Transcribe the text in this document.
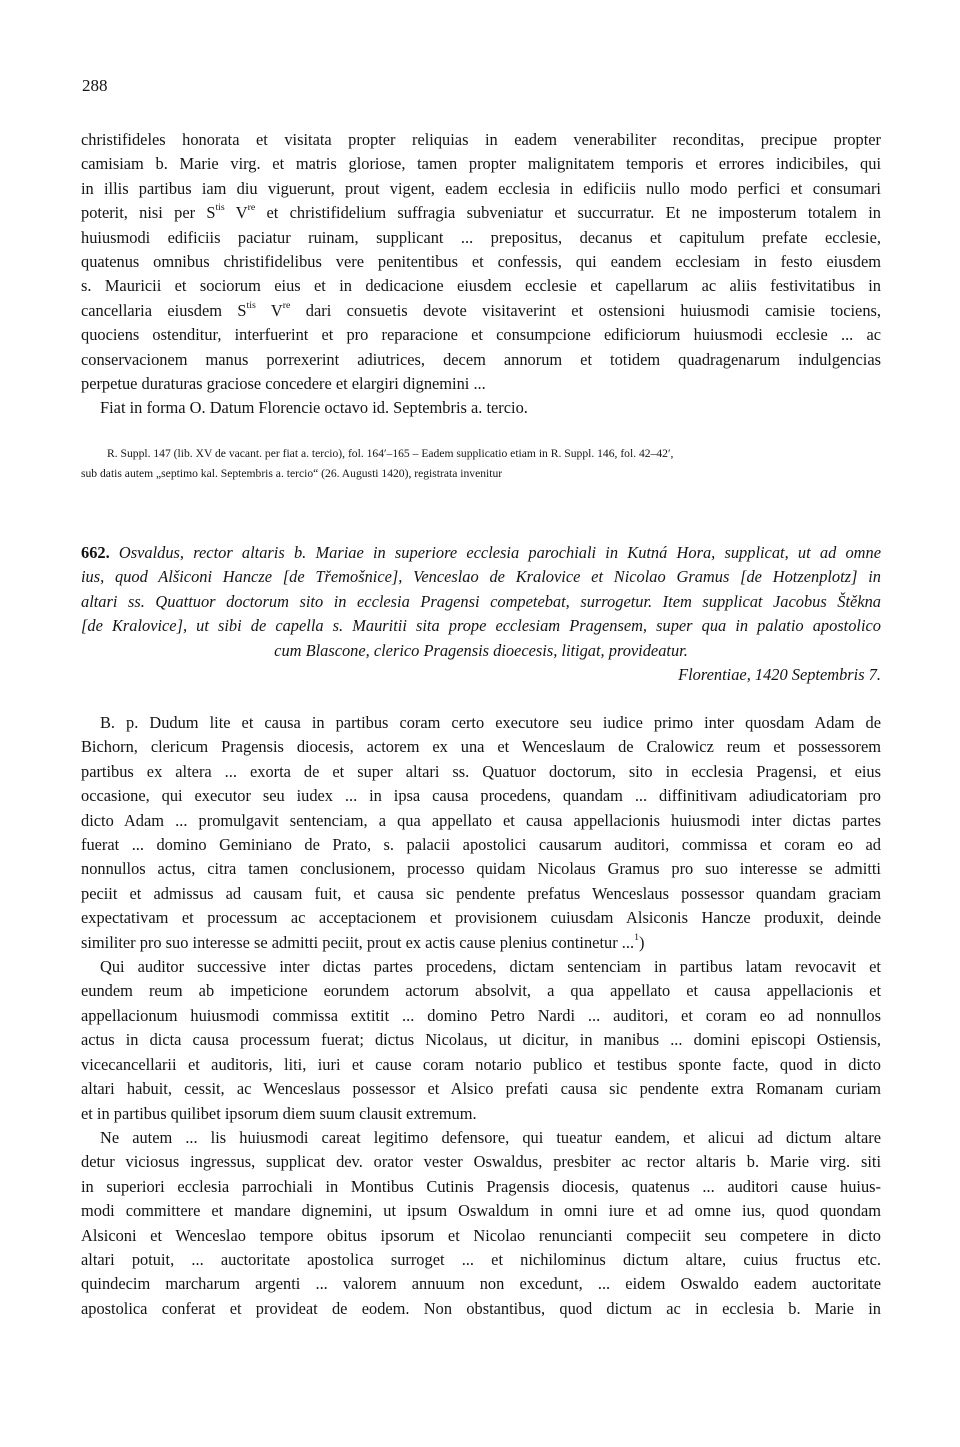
288

christifideles honorata et visitata propter reliquias in eadem venerabiliter reconditas, precipue propter

camisiam b. Marie virg. et matris gloriose, tamen propter malignitatem temporis et errores indicibiles, qui

in illis partibus iam diu viguerunt, prout vigent, eadem ecclesia in edificiis nullo modo perfici et consumari

poterit, nisi per $S^{tis}$ Vre et christifidelium suffragia subveniatur et succurratur. Et ne imposterum totalem in

huiusmodi edificiis paciatur ruinam, supplicant ... prepositus, decanus et capitulum prefate ecclesie,

quatenus omnibus christifidelibus vere penitentibus et confessis, qui eandem ecclesiam in festo eiusdem

s. Mauricii et sociorum eius et in dedicacione eiusdem ecclesie et capellarum ac aliis festivitatibus in

cancellaria eiusdem $S^{tis}$ Vre dari consuetis devote visitaverint et ostensioni huiusmodi camisie tociens,

quociens ostenditur, interfuerint et pro reparacione et consumpcione edificiorum huiusmodi ecclesie ... ac

conservacionem manus porrexerint adiutrices, decem annorum et totidem quadragenarum indulgencias

perpetue duraturas graciose concedere et elargiri dignemini ...

Fiat in forma O. Datum Florencie octavo id. Septembris a. tercio.

R. Suppl. 147 (lib. XV de vacant. per fiat a. tercio), fol. 164′–165 – Eadem supplicatio etiam in R. Suppl. 146, fol. 42–42′,

sub datis autem „septimo kal. Septembris a. tercio“ (26. Augusti 1420), registrata invenitur

662. Osvaldus, rector altaris b. Mariae in superiore ecclesia parochiali in Kutná Hora, supplicat, ut ad omne

ius, quod Alšiconi Hancze [de Třemošnice], Venceslao de Kralovice et Nicolao Gramus [de Hotzenplotz] in

altari ss. Quattuor doctorum sito in ecclesia Pragensi competebat, surrogetur. Item supplicat Jacobus Štěkna

[de Kralovice], ut sibi de capella s. Mauritii sita prope ecclesiam Pragensem, super qua in palatio apostolico

cum Blascone, clerico Pragensis dioecesis, litigat, provideatur.

Florentiae, 1420 Septembris 7.

B. p. Dudum lite et causa in partibus coram certo executore seu iudice primo inter quosdam Adam de

Bichorn, clericum Pragensis diocesis, actorem ex una et Wenceslaum de Cralowicz reum et possessorem

partibus ex altera ... exorta de et super altari ss. Quatuor doctorum, sito in ecclesia Pragensi, et eius

occasione, qui executor seu iudex ... in ipsa causa procedens, quandam ... diffinitivam adiudicatoriam pro

dicto Adam ... promulgavit sentenciam, a qua appellato et causa appellacionis huiusmodi inter dictas partes

fuerat ... domino Geminiano de Prato, s. palacii apostolici causarum auditori, commissa et coram eo ad

nonnullos actus, citra tamen conclusionem, processo quidam Nicolaus Gramus pro suo interesse se admitti

peciit et admissus ad causam fuit, et causa sic pendente prefatus Wenceslaus possessor quandam graciam

expectativam et processum ac acceptacionem et provisionem cuiusdam Alsiconis Hancze produxit, deinde

similiter pro suo interesse se admitti peciit, prout ex actis cause plenius continetur ...$^1$)

Qui auditor successive inter dictas partes procedens, dictam sentenciam in partibus latam revocavit et

eundem reum ab impeticione eorundem actorum absolvit, a qua appellato et causa appellacionis et

appellacionum huiusmodi commissa extitit ... domino Petro Nardi ... auditori, et coram eo ad nonnullos

actus in dicta causa processum fuerat; dictus Nicolaus, ut dicitur, in manibus ... domini episcopi Ostiensis,

vicecancellarii et auditoris, liti, iuri et cause coram notario publico et testibus sponte facte, quod in dicto

altari habuit, cessit, ac Wenceslaus possessor et Alsico prefati causa sic pendente extra Romanam curiam

et in partibus quilibet ipsorum diem suum clausit extremum.

Ne autem ... lis huiusmodi careat legitimo defensore, qui tueatur eandem, et alicui ad dictum altare

detur viciosus ingressus, supplicat dev. orator vester Oswaldus, presbiter ac rector altaris b. Marie virg. siti

in superiori ecclesia parrochiali in Montibus Cutinis Pragensis diocesis, quatenus ... auditori cause huius-

modi committere et mandare dignemini, ut ipsum Oswaldum in omni iure et ad omne ius, quod quondam

Alsiconi et Wenceslao tempore obitus ipsorum et Nicolao renuncianti compeciit seu competere in dicto

altari potuit, ... auctoritate apostolica surroget ... et nichilominus dictum altare, cuius fructus etc.

quindecim marcharum argenti ... valorem annuum non excedunt, ... eidem Oswaldo eadem auctoritate

apostolica conferat et provideat de eodem. Non obstantibus, quod dictum ac in ecclesia b. Marie in
